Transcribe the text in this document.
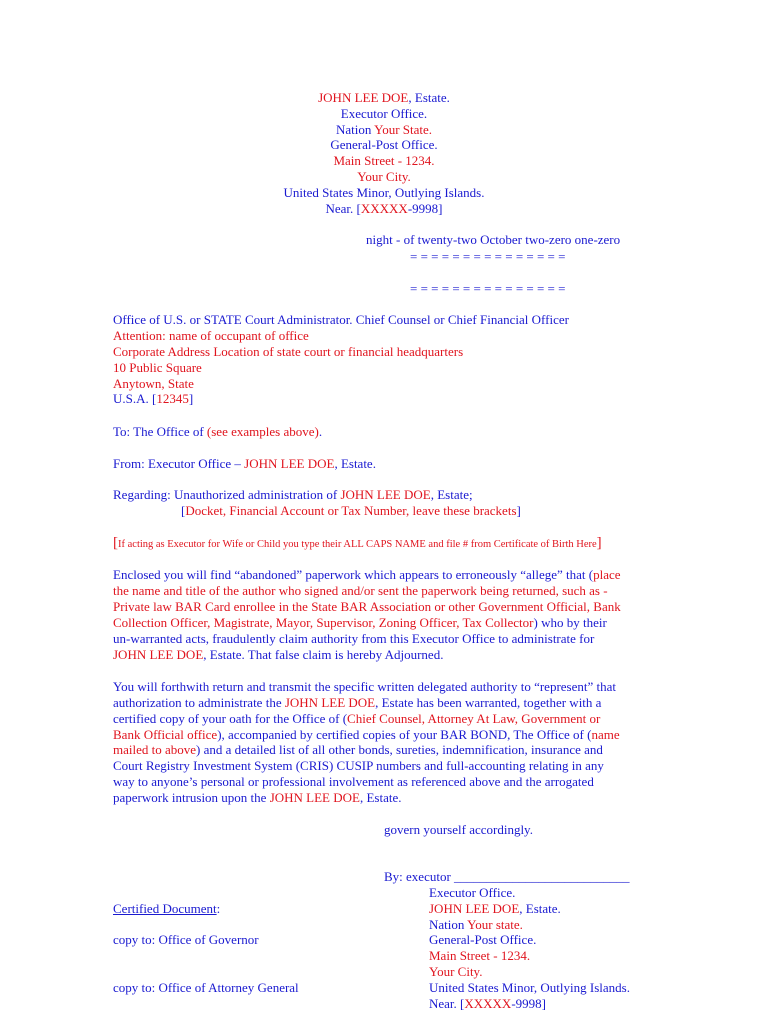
JOHN LEE DOE, Estate.
Executor Office.
Nation Your State.
General-Post Office.
Main Street - 1234.
Your City.
United States Minor, Outlying Islands.
Near. [XXXXX-9998]
night - of twenty-two October two-zero one-zero
= = = = = = = = = = = = = = =
= = = = = = = = = = = = = = =
Office of U.S. or STATE Court Administrator. Chief Counsel or Chief Financial Officer
Attention: name of occupant of office
Corporate Address Location of state court or financial headquarters
10 Public Square
Anytown, State
U.S.A. [12345]
To: The Office of (see examples above).
From: Executor Office – JOHN LEE DOE, Estate.
Regarding: Unauthorized administration of JOHN LEE DOE, Estate;
[Docket, Financial Account or Tax Number, leave these brackets]
[If acting as Executor for Wife or Child you type their ALL CAPS NAME and file # from Certificate of Birth Here]
Enclosed you will find “abandoned” paperwork which appears to erroneously “allege” that (place
the name and title of the author who signed and/or sent the paperwork being returned, such as -
Private law BAR Card enrollee in the State BAR Association or other Government Official, Bank
Collection Officer, Magistrate, Mayor, Supervisor, Zoning Officer, Tax Collector) who by their
un-warranted acts, fraudulently claim authority from this Executor Office to administrate for
JOHN LEE DOE, Estate. That false claim is hereby Adjourned.
You will forthwith return and transmit the specific written delegated authority to “represent” that
authorization to administrate the JOHN LEE DOE, Estate has been warranted, together with a
certified copy of your oath for the Office of (Chief Counsel, Attorney At Law, Government or
Bank Official office), accompanied by certified copies of your BAR BOND, The Office of (name
mailed to above) and a detailed list of all other bonds, sureties, indemnification, insurance and
Court Registry Investment System (CRIS) CUSIP numbers and full-accounting relating in any
way to anyone’s personal or professional involvement as referenced above and the arrogated
paperwork intrusion upon the JOHN LEE DOE, Estate.
govern yourself accordingly.
By: executor ___________________________
Executor Office.
JOHN LEE DOE, Estate.
Nation Your state.
General-Post Office.
Main Street - 1234.
Your City.
United States Minor, Outlying Islands.
Near. [XXXXX-9998]
Certified Document:
copy to: Office of Governor
copy to: Office of Attorney General
